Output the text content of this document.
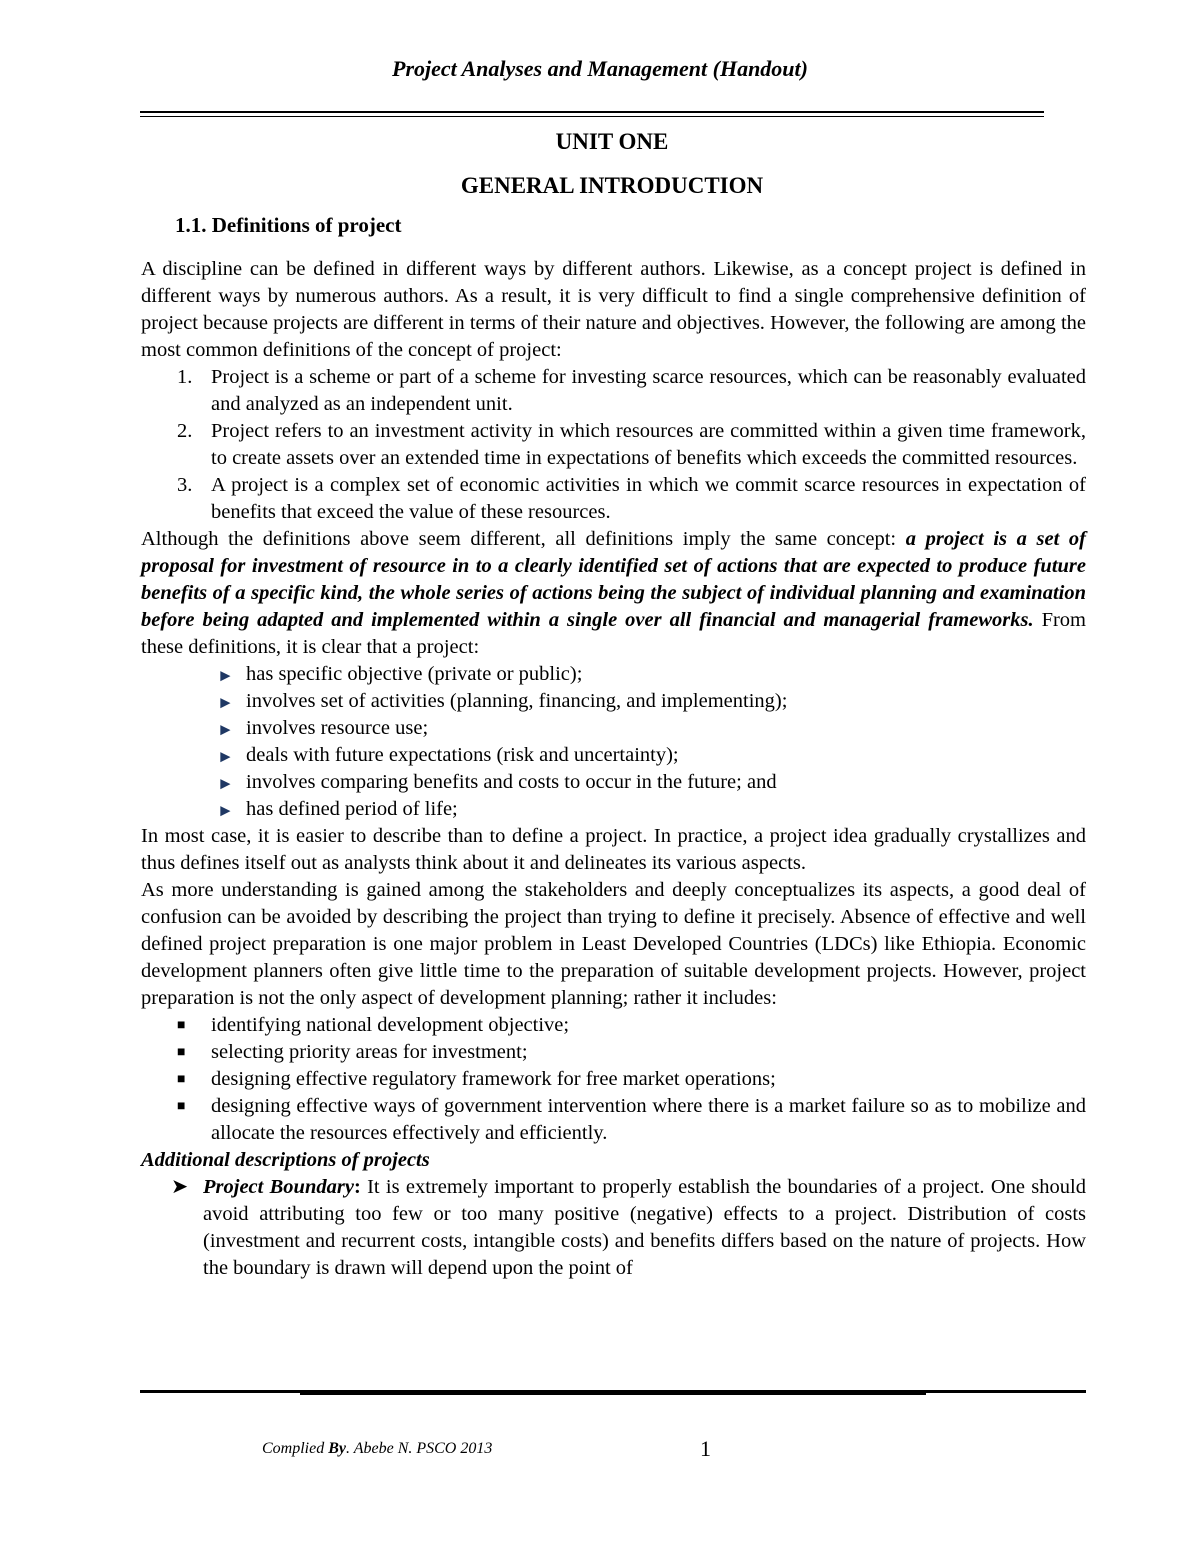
Project Analyses and Management (Handout)
UNIT ONE
GENERAL INTRODUCTION
1.1. Definitions of project

A discipline can be defined in different ways by different authors. Likewise, as a concept project is defined in different ways by numerous authors. As a result, it is very difficult to find a single comprehensive definition of project because projects are different in terms of their nature and objectives. However, the following are among the most common definitions of the concept of project:

1. Project is a scheme or part of a scheme for investing scarce resources, which can be reasonably evaluated and analyzed as an independent unit.
2. Project refers to an investment activity in which resources are committed within a given time framework, to create assets over an extended time in expectations of benefits which exceeds the committed resources.
3. A project is a complex set of economic activities in which we commit scarce resources in expectation of benefits that exceed the value of these resources.

Although the definitions above seem different, all definitions imply the same concept: a project is a set of proposal for investment of resource in to a clearly identified set of actions that are expected to produce future benefits of a specific kind, the whole series of actions being the subject of individual planning and examination before being adapted and implemented within a single over all financial and managerial frameworks. From these definitions, it is clear that a project:

► has specific objective (private or public);
► involves set of activities (planning, financing, and implementing);
► involves resource use;
► deals with future expectations (risk and uncertainty);
► involves comparing benefits and costs to occur in the future; and
► has defined period of life;

In most case, it is easier to describe than to define a project. In practice, a project idea gradually crystallizes and thus defines itself out as analysts think about it and delineates its various aspects.

As more understanding is gained among the stakeholders and deeply conceptualizes its aspects, a good deal of confusion can be avoided by describing the project than trying to define it precisely. Absence of effective and well defined project preparation is one major problem in Least Developed Countries (LDCs) like Ethiopia. Economic development planners often give little time to the preparation of suitable development projects. However, project preparation is not the only aspect of development planning; rather it includes:

■ identifying national development objective;
■ selecting priority areas for investment;
■ designing effective regulatory framework for free market operations;
■ designing effective ways of government intervention where there is a market failure so as to mobilize and allocate the resources effectively and efficiently.

Additional descriptions of projects

➤ Project Boundary: It is extremely important to properly establish the boundaries of a project. One should avoid attributing too few or too many positive (negative) effects to a project. Distribution of costs (investment and recurrent costs, intangible costs) and benefits differs based on the nature of projects. How the boundary is drawn will depend upon the point of
Complied By. Abebe N. PSCO 2013	1
